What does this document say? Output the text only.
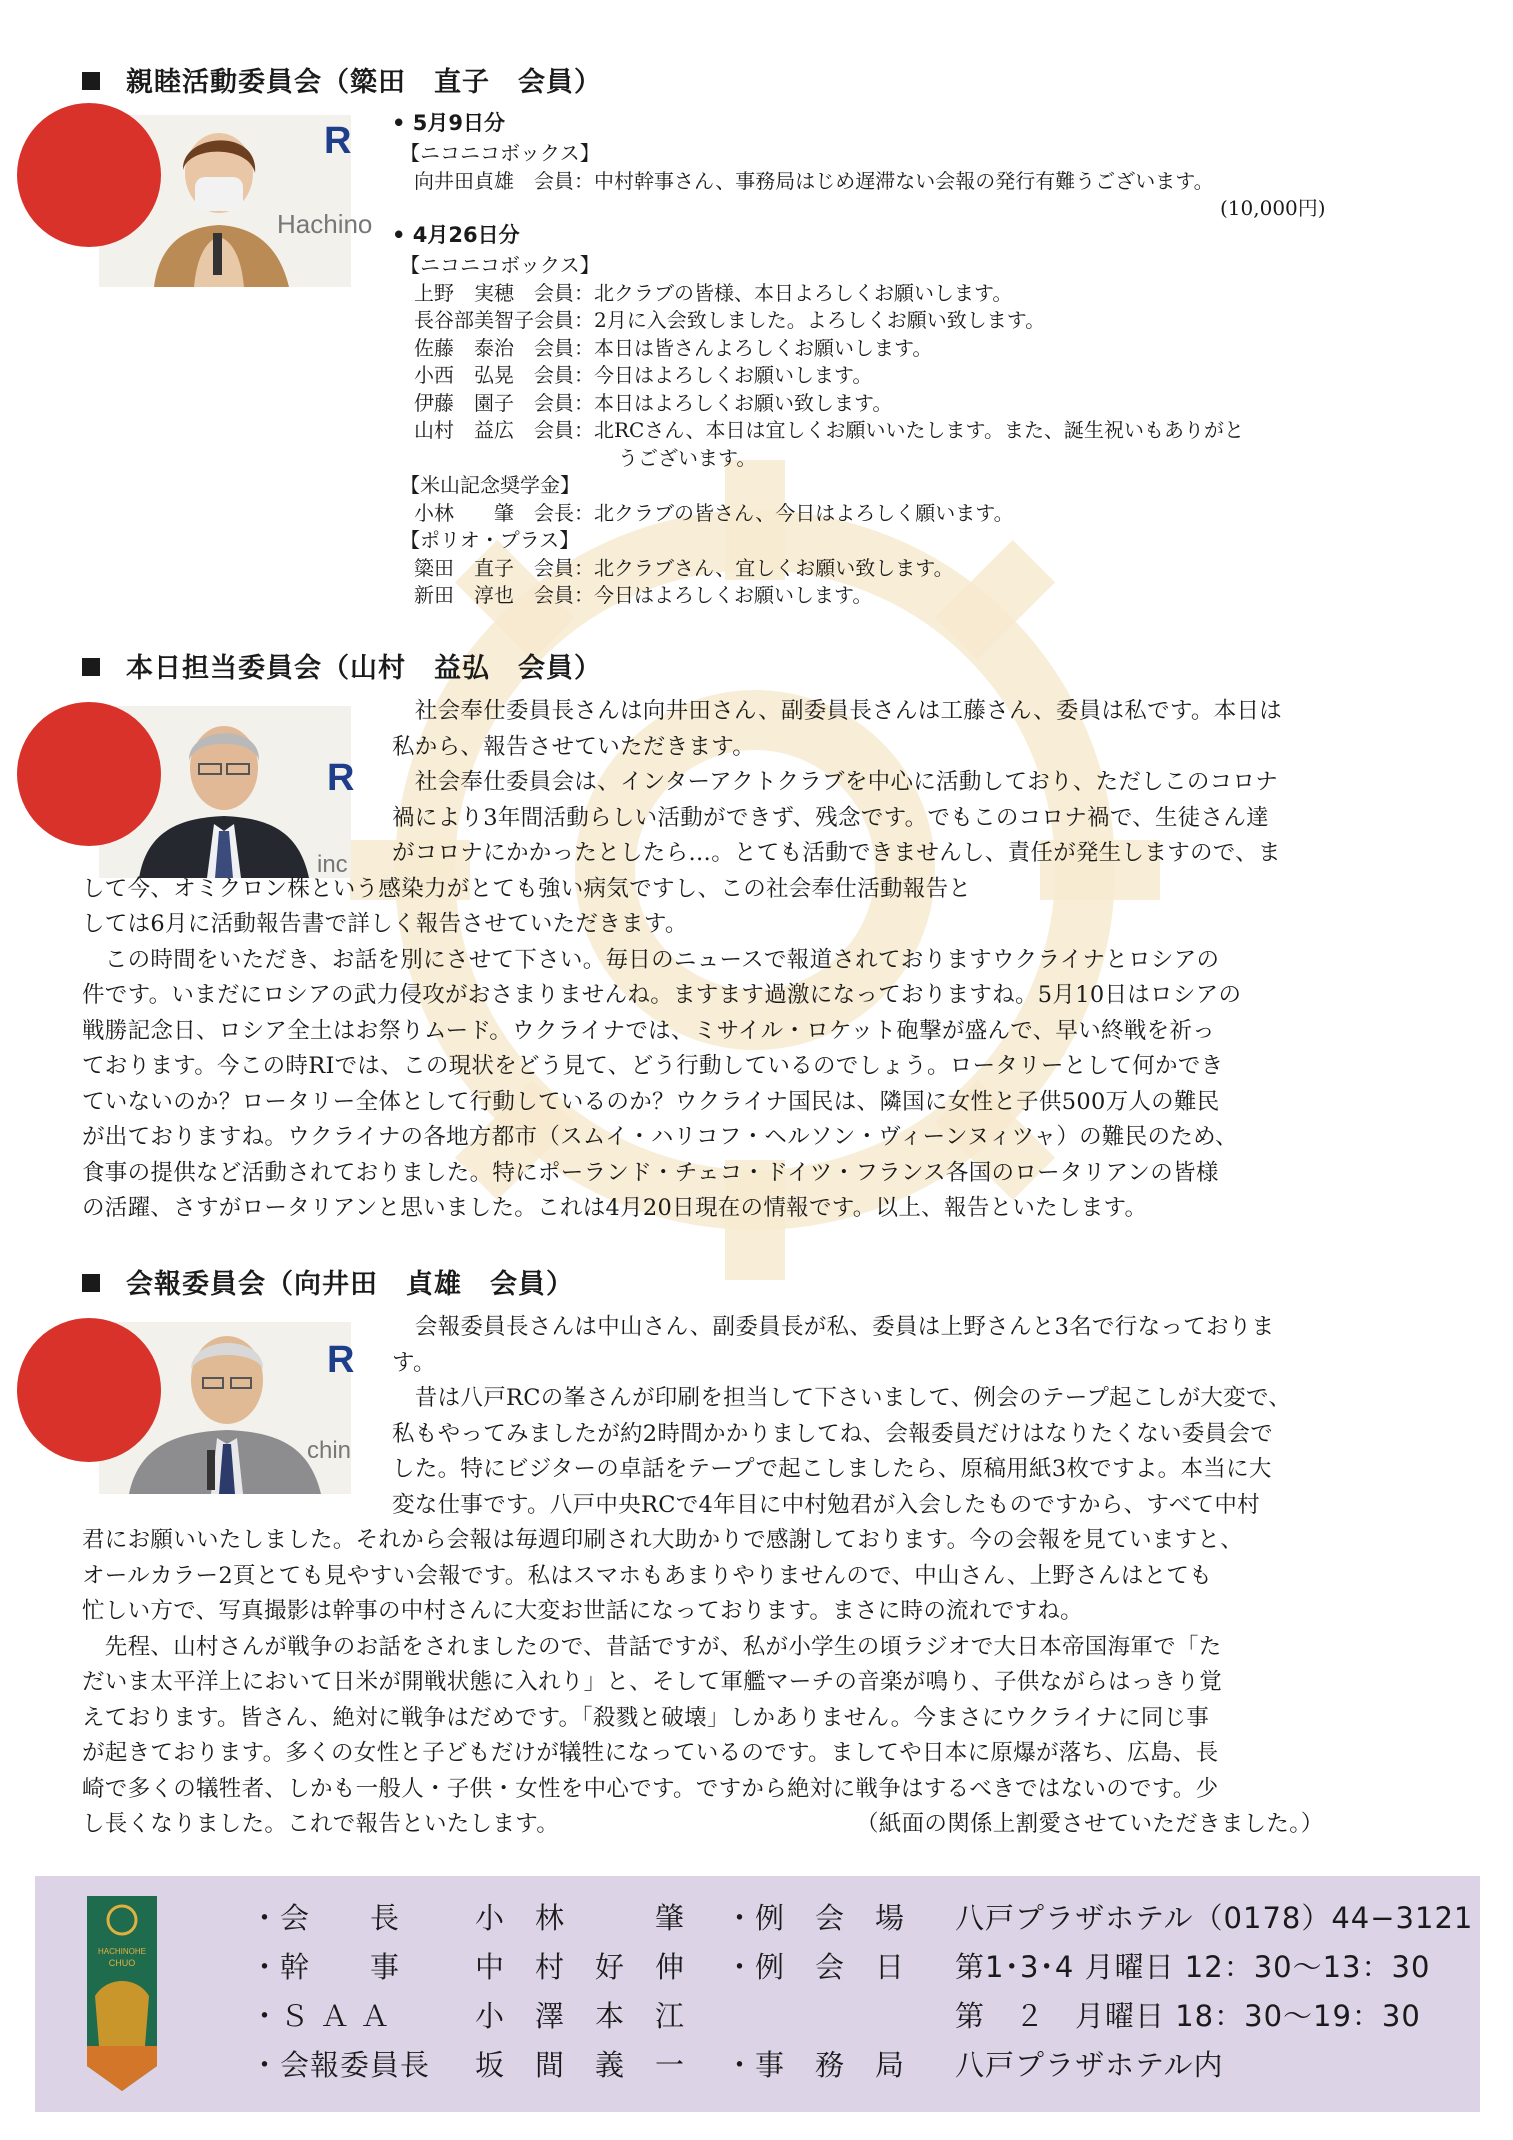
親睦活動委員会（簗田　直子　会員）
R
Hachino
• 5月9日分
【ニコニコボックス】
向井田貞雄　会員：中村幹事さん、事務局はじめ遅滞ない会報の発行有難うございます。
(10,000円)
• 4月26日分
【ニコニコボックス】
上野　実穂　会員：北クラブの皆様、本日よろしくお願いします。
長谷部美智子会員：2月に入会致しました。よろしくお願い致します。
佐藤　泰治　会員：本日は皆さんよろしくお願いします。
小西　弘晃　会員：今日はよろしくお願いします。
伊藤　園子　会員：本日はよろしくお願い致します。
山村　益広　会員：北RCさん、本日は宜しくお願いいたします。また、誕生祝いもありがと
うございます。
【米山記念奨学金】
小林　　肇　会長：北クラブの皆さん、今日はよろしく願います。
【ポリオ・プラス】
簗田　直子　会員：北クラブさん、宜しくお願い致します。
新田　淳也　会員：今日はよろしくお願いします。
本日担当委員会（山村　益弘　会員）
R
inc
　社会奉仕委員長さんは向井田さん、副委員長さんは工藤さん、委員は私です。本日は
私から、報告させていただきます。
　社会奉仕委員会は、インターアクトクラブを中心に活動しており、ただしこのコロナ
禍により3年間活動らしい活動ができず、残念です。でもこのコロナ禍で、生徒さん達
がコロナにかかったとしたら…。とても活動できませんし、責任が発生しますので、ま
して今、オミクロン株という感染力がとても強い病気ですし、この社会奉仕活動報告と
しては6月に活動報告書で詳しく報告させていただきます。
　この時間をいただき、お話を別にさせて下さい。毎日のニュースで報道されておりますウクライナとロシアの
件です。いまだにロシアの武力侵攻がおさまりませんね。ますます過激になっておりますね。5月10日はロシアの
戦勝記念日、ロシア全土はお祭りムード。ウクライナでは、ミサイル・ロケット砲撃が盛んで、早い終戦を祈っ
ております。今この時RIでは、この現状をどう見て、どう行動しているのでしょう。ロータリーとして何かでき
ていないのか？ロータリー全体として行動しているのか？ウクライナ国民は、隣国に女性と子供500万人の難民
が出ておりますね。ウクライナの各地方都市（スムイ・ハリコフ・ヘルソン・ヴィーンヌィツャ）の難民のため、
食事の提供など活動されておりました。特にポーランド・チェコ・ドイツ・フランス各国のロータリアンの皆様
の活躍、さすがロータリアンと思いました。これは4月20日現在の情報です。以上、報告といたします。
会報委員会（向井田　貞雄　会員）
R
chin
　会報委員長さんは中山さん、副委員長が私、委員は上野さんと3名で行なっておりま
す。
　昔は八戸RCの峯さんが印刷を担当して下さいまして、例会のテープ起こしが大変で、
私もやってみましたが約2時間かかりましてね、会報委員だけはなりたくない委員会で
した。特にビジターの卓話をテープで起こしましたら、原稿用紙3枚ですよ。本当に大
変な仕事です。八戸中央RCで4年目に中村勉君が入会したものですから、すべて中村
君にお願いいたしました。それから会報は毎週印刷され大助かりで感謝しております。今の会報を見ていますと、
オールカラー2頁とても見やすい会報です。私はスマホもあまりやりませんので、中山さん、上野さんはとても
忙しい方で、写真撮影は幹事の中村さんに大変お世話になっております。まさに時の流れですね。
　先程、山村さんが戦争のお話をされましたので、昔話ですが、私が小学生の頃ラジオで大日本帝国海軍で「た
だいま太平洋上において日米が開戦状態に入れり」と、そして軍艦マーチの音楽が鳴り、子供ながらはっきり覚
えております。皆さん、絶対に戦争はだめです。「殺戮と破壊」しかありません。今まさにウクライナに同じ事
が起きております。多くの女性と子どもだけが犠牲になっているのです。ましてや日本に原爆が落ち、広島、長
崎で多くの犠牲者、しかも一般人・子供・女性を中心です。ですから絶対に戦争はするべきではないのです。少
し長くなりました。これで報告といたします。	（紙面の関係上割愛させていただきました。）
HACHINOHE
CHUO
・会　　長	小　林　　　肇 ・例　会　場 八戸プラザホテル（0178）44−3121
・幹　　事	中　村　好　伸 ・例　会　日 第1･3･4 月曜日 12：30〜13：30
・Ｓ Ａ Ａ	小　澤　本　江	第　２　月曜日 18：30〜19：30
・会報委員長 坂　間　義　一 ・事　務　局 八戸プラザホテル内
